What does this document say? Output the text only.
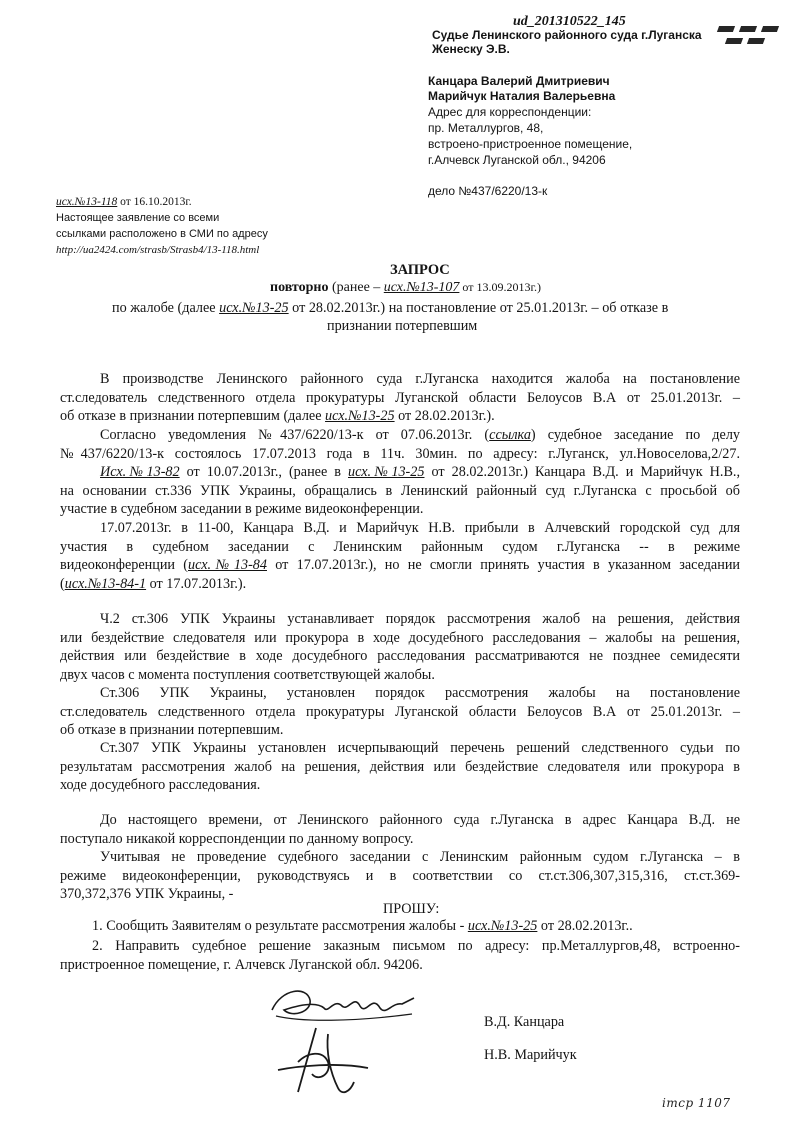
ud_201310522_145
Судье Ленинского районного суда г.Луганска
Женеску Э.В.
Канцара Валерий Дмитриевич
Марийчук Наталия Валерьевна
Адрес для корреспонденции:
пр. Металлургов, 48,
встроено-пристроенное помещение,
г.Алчевск Луганской обл., 94206
дело №437/6220/13-к
исх.№13-118 от 16.10.2013г.
Настоящее заявление со всеми
ссылками расположено в СМИ по адресу
http://ua2424.com/strasb/Strasb4/13-118.html
ЗАПРОС
повторно (ранее – исх.№13-107 от 13.09.2013г.)
по жалобе (далее исх.№13-25 от 28.02.2013г.) на постановление от 25.01.2013г. – об отказе в
признании потерпевшим
В производстве Ленинского районного суда г.Луганска находится жалоба на постановление
ст.следователь следственного отдела прокуратуры Луганской области Белоусов В.А от 25.01.2013г. –
об отказе в признании потерпевшим (далее исх.№13-25 от 28.02.2013г.).
Согласно уведомления №437/6220/13-к от 07.06.2013г. (ссылка) судебное заседание по делу
№437/6220/13-к состоялось 17.07.2013 года в 11ч. 30мин. по адресу: г.Луганск, ул.Новоселова,2/27.
Исх.№13-82 от 10.07.2013г., (ранее в исх.№13-25 от 28.02.2013г.) Канцара В.Д. и Марийчук Н.В.,
на основании ст.336 УПК Украины, обращались в Ленинский районный суд г.Луганска с просьбой об
участие в судебном заседании в режиме видеоконференции.
17.07.2013г. в 11-00, Канцара В.Д. и Марийчук Н.В. прибыли в Алчевский городской суд для
участия в судебном заседании с Ленинским районным судом г.Луганска -- в режиме
видеоконференции (исх.№13-84 от 17.07.2013г.), но не смогли принять участия в указанном заседании
(исх.№13-84-1 от 17.07.2013г.).
Ч.2 ст.306 УПК Украины устанавливает порядок рассмотрения жалоб на решения, действия
или бездействие следователя или прокурора в ходе досудебного расследования – жалобы на решения,
действия или бездействие в ходе досудебного расследования рассматриваются не позднее семидесяти
двух часов с момента поступления соответствующей жалобы.
Ст.306 УПК Украины, установлен порядок рассмотрения жалобы на постановление
ст.следователь следственного отдела прокуратуры Луганской области Белоусов В.А от 25.01.2013г. –
об отказе в признании потерпевшим.
Ст.307 УПК Украины установлен исчерпывающий перечень решений следственного судьи по
результатам рассмотрения жалоб на решения, действия или бездействие следователя или прокурора в
ходе досудебного расследования.
До настоящего времени, от Ленинского районного суда г.Луганска в адрес Канцара В.Д. не
поступало никакой корреспонденции по данному вопросу.
Учитывая не проведение судебного заседании с Ленинским районным судом г.Луганска – в
режиме видеоконференции, руководствуясь и в соответствии со ст.ст.306,307,315,316, ст.ст.369-
370,372,376 УПК Украины, -
ПРОШУ:
1. Сообщить Заявителям о результате рассмотрения жалобы - исх.№13-25 от 28.02.2013г..
2. Направить судебное решение заказным письмом по адресу: пр.Металлургов,48, встроенно-
пристроенное помещение, г. Алчевск Луганской обл. 94206.
В.Д. Канцара
Н.В. Марийчук
ітср 1107
